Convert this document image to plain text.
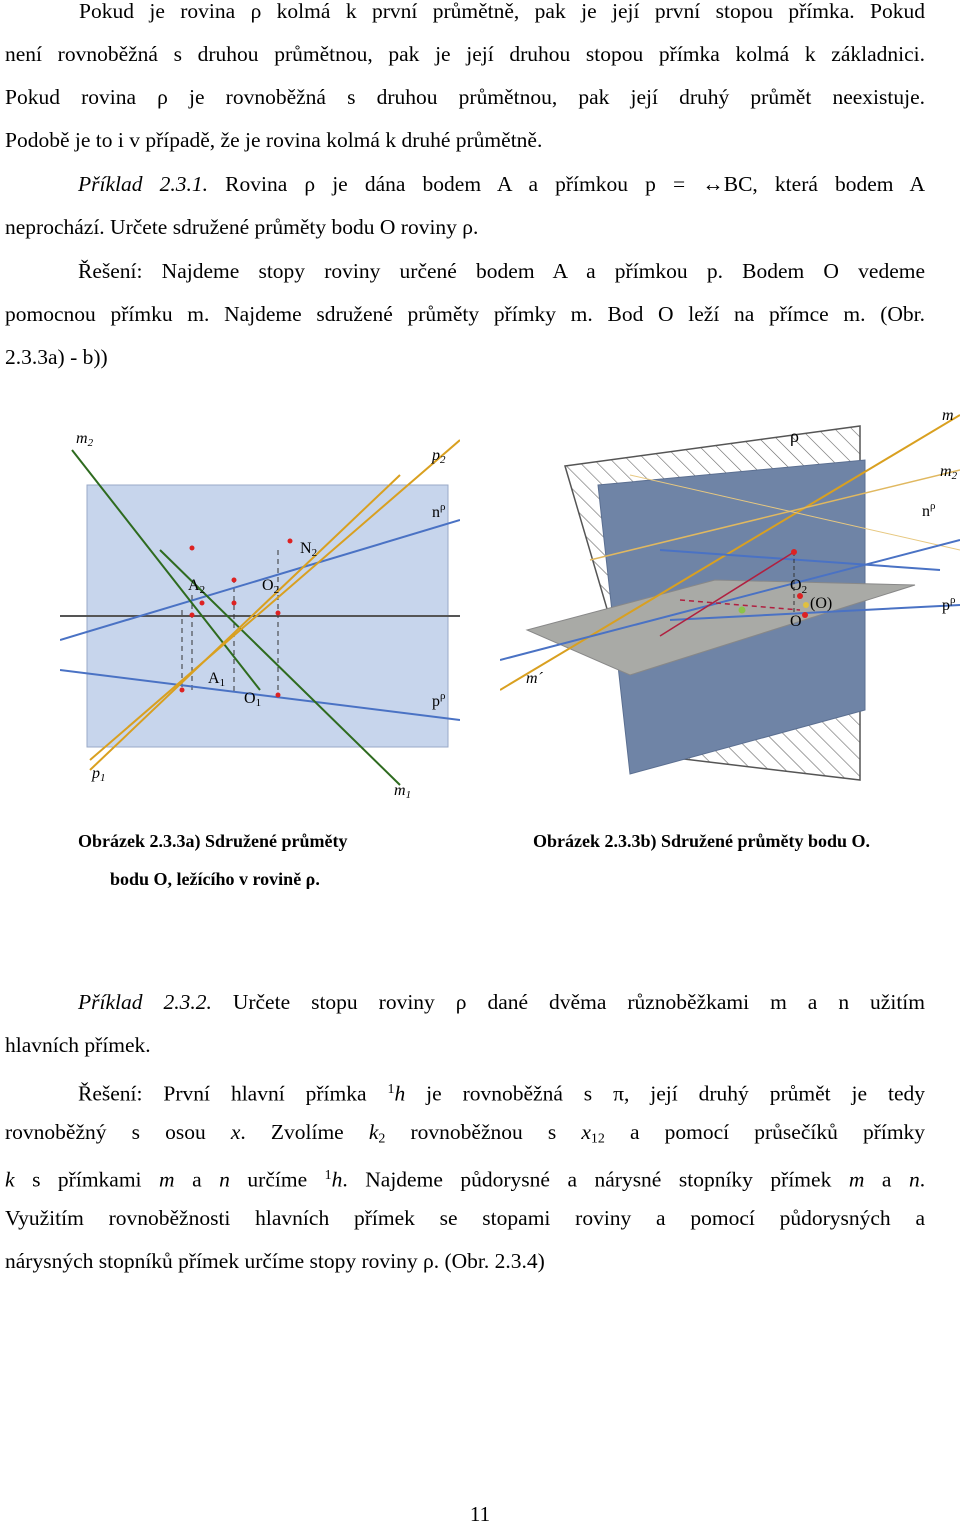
Pokud je rovina ρ kolmá k první průmětně, pak je její první stopou přímka. Pokud

není rovnoběžná s druhou průmětnou, pak je její druhou stopou přímka kolmá k základnici.

Pokud rovina ρ je rovnoběžná s druhou průmětnou, pak její druhý průmět neexistuje.

Podobě je to i v případě, že je rovina kolmá k druhé průmětně.

Příklad 2.3.1. Rovina ρ je dána bodem A a přímkou p = ↔BC, která bodem A

neprochází. Určete sdružené průměty bodu O roviny ρ.

Řešení: Najdeme stopy roviny určené bodem A a přímkou p. Bodem O vedeme

pomocnou přímku m. Najdeme sdružené průměty přímky m. Bod O leží na přímce m. (Obr.

2.3.3a) - b))

m2
p2
$n^\rho$
N2
A2	O2
A1
O1	$p^\rho$
p1
m1
m
ρ
m2
$n^\rho$
O2
(O)
O
$p^\rho$
m´

Obrázek 2.3.3a) Sdružené průměty

bodu O, ležícího v rovině ρ.

Obrázek 2.3.3b) Sdružené průměty bodu O.

Příklad 2.3.2. Určete stopu roviny ρ dané dvěma různoběžkami m a n užitím

hlavních přímek.

Řešení: První hlavní přímka $^1$h je rovnoběžná s π, její druhý průmět je tedy

rovnoběžný s osou x. Zvolíme $k_2$ rovnoběžnou s $x_{12}$ a pomocí průsečíků přímky

k s přímkami m a n určíme $^1$h. Najdeme půdorysné a nárysné stopníky přímek m a n.

Využitím rovnoběžnosti hlavních přímek se stopami roviny a pomocí půdorysných a

nárysných stopníků přímek určíme stopy roviny ρ. (Obr. 2.3.4)

11
